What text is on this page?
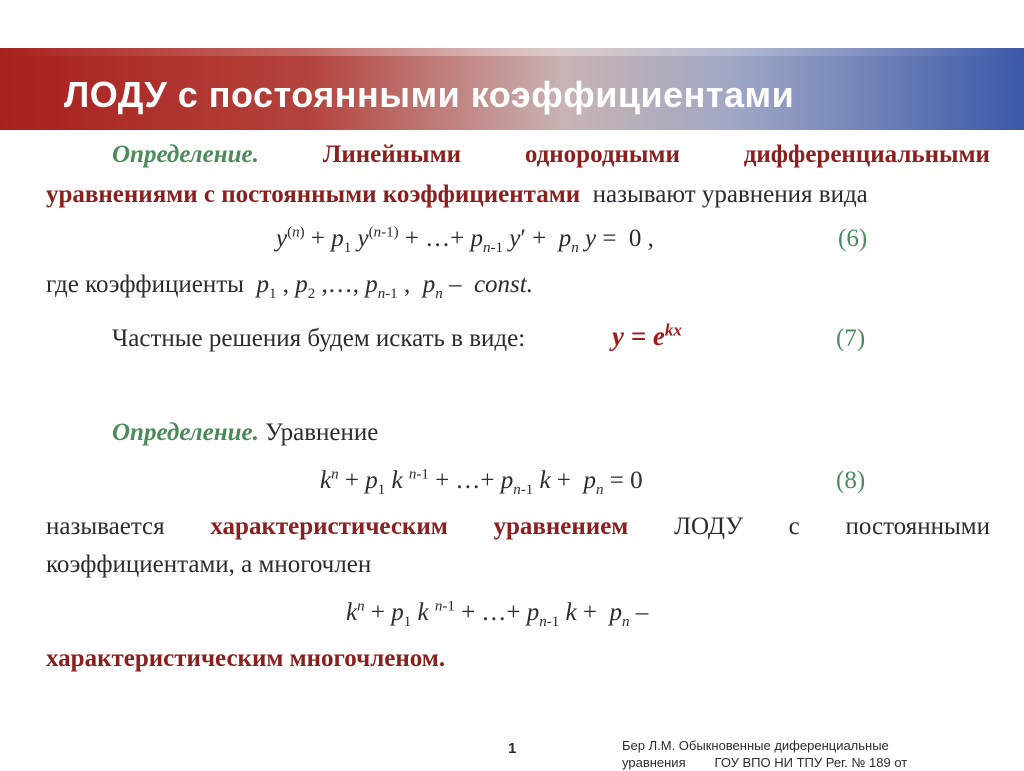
ЛОДУ с постоянными коэффициентами
Определение.	Линейными	однородными	дифференциальными
уравнениями с постоянными коэффициентами называют уравнения вида
$y^{(n)} + p_1$ $y^{(n-1)}$ + …+ $p_{n-1}$ $y' + p_n$ y =  0 ,	(6)
где коэффициенты $p_1$ , $p_2$ ,…, $p_{n-1}$ ,  $p_n$ –  const.
Частные решения будем искать в виде:	$y = e^{kx}$	(7)
Определение. Уравнение
$k^n + p_1$ k $^{n-1}$ + …+ $p_{n-1}$ $k + p_n = 0$	(8)
называется характеристическим уравнением ЛОДУ с постоянными
коэффициентами, а многочлен
$k^n + p_1$ k $^{n-1}$ + …+ $p_{n-1}$ $k + p_n$ –
характеристическим многочленом.
1	Бер Л.М. Обыкновенные диференциальные
уравнения        ГОУ ВПО НИ ТПУ Рег. № 189 от
